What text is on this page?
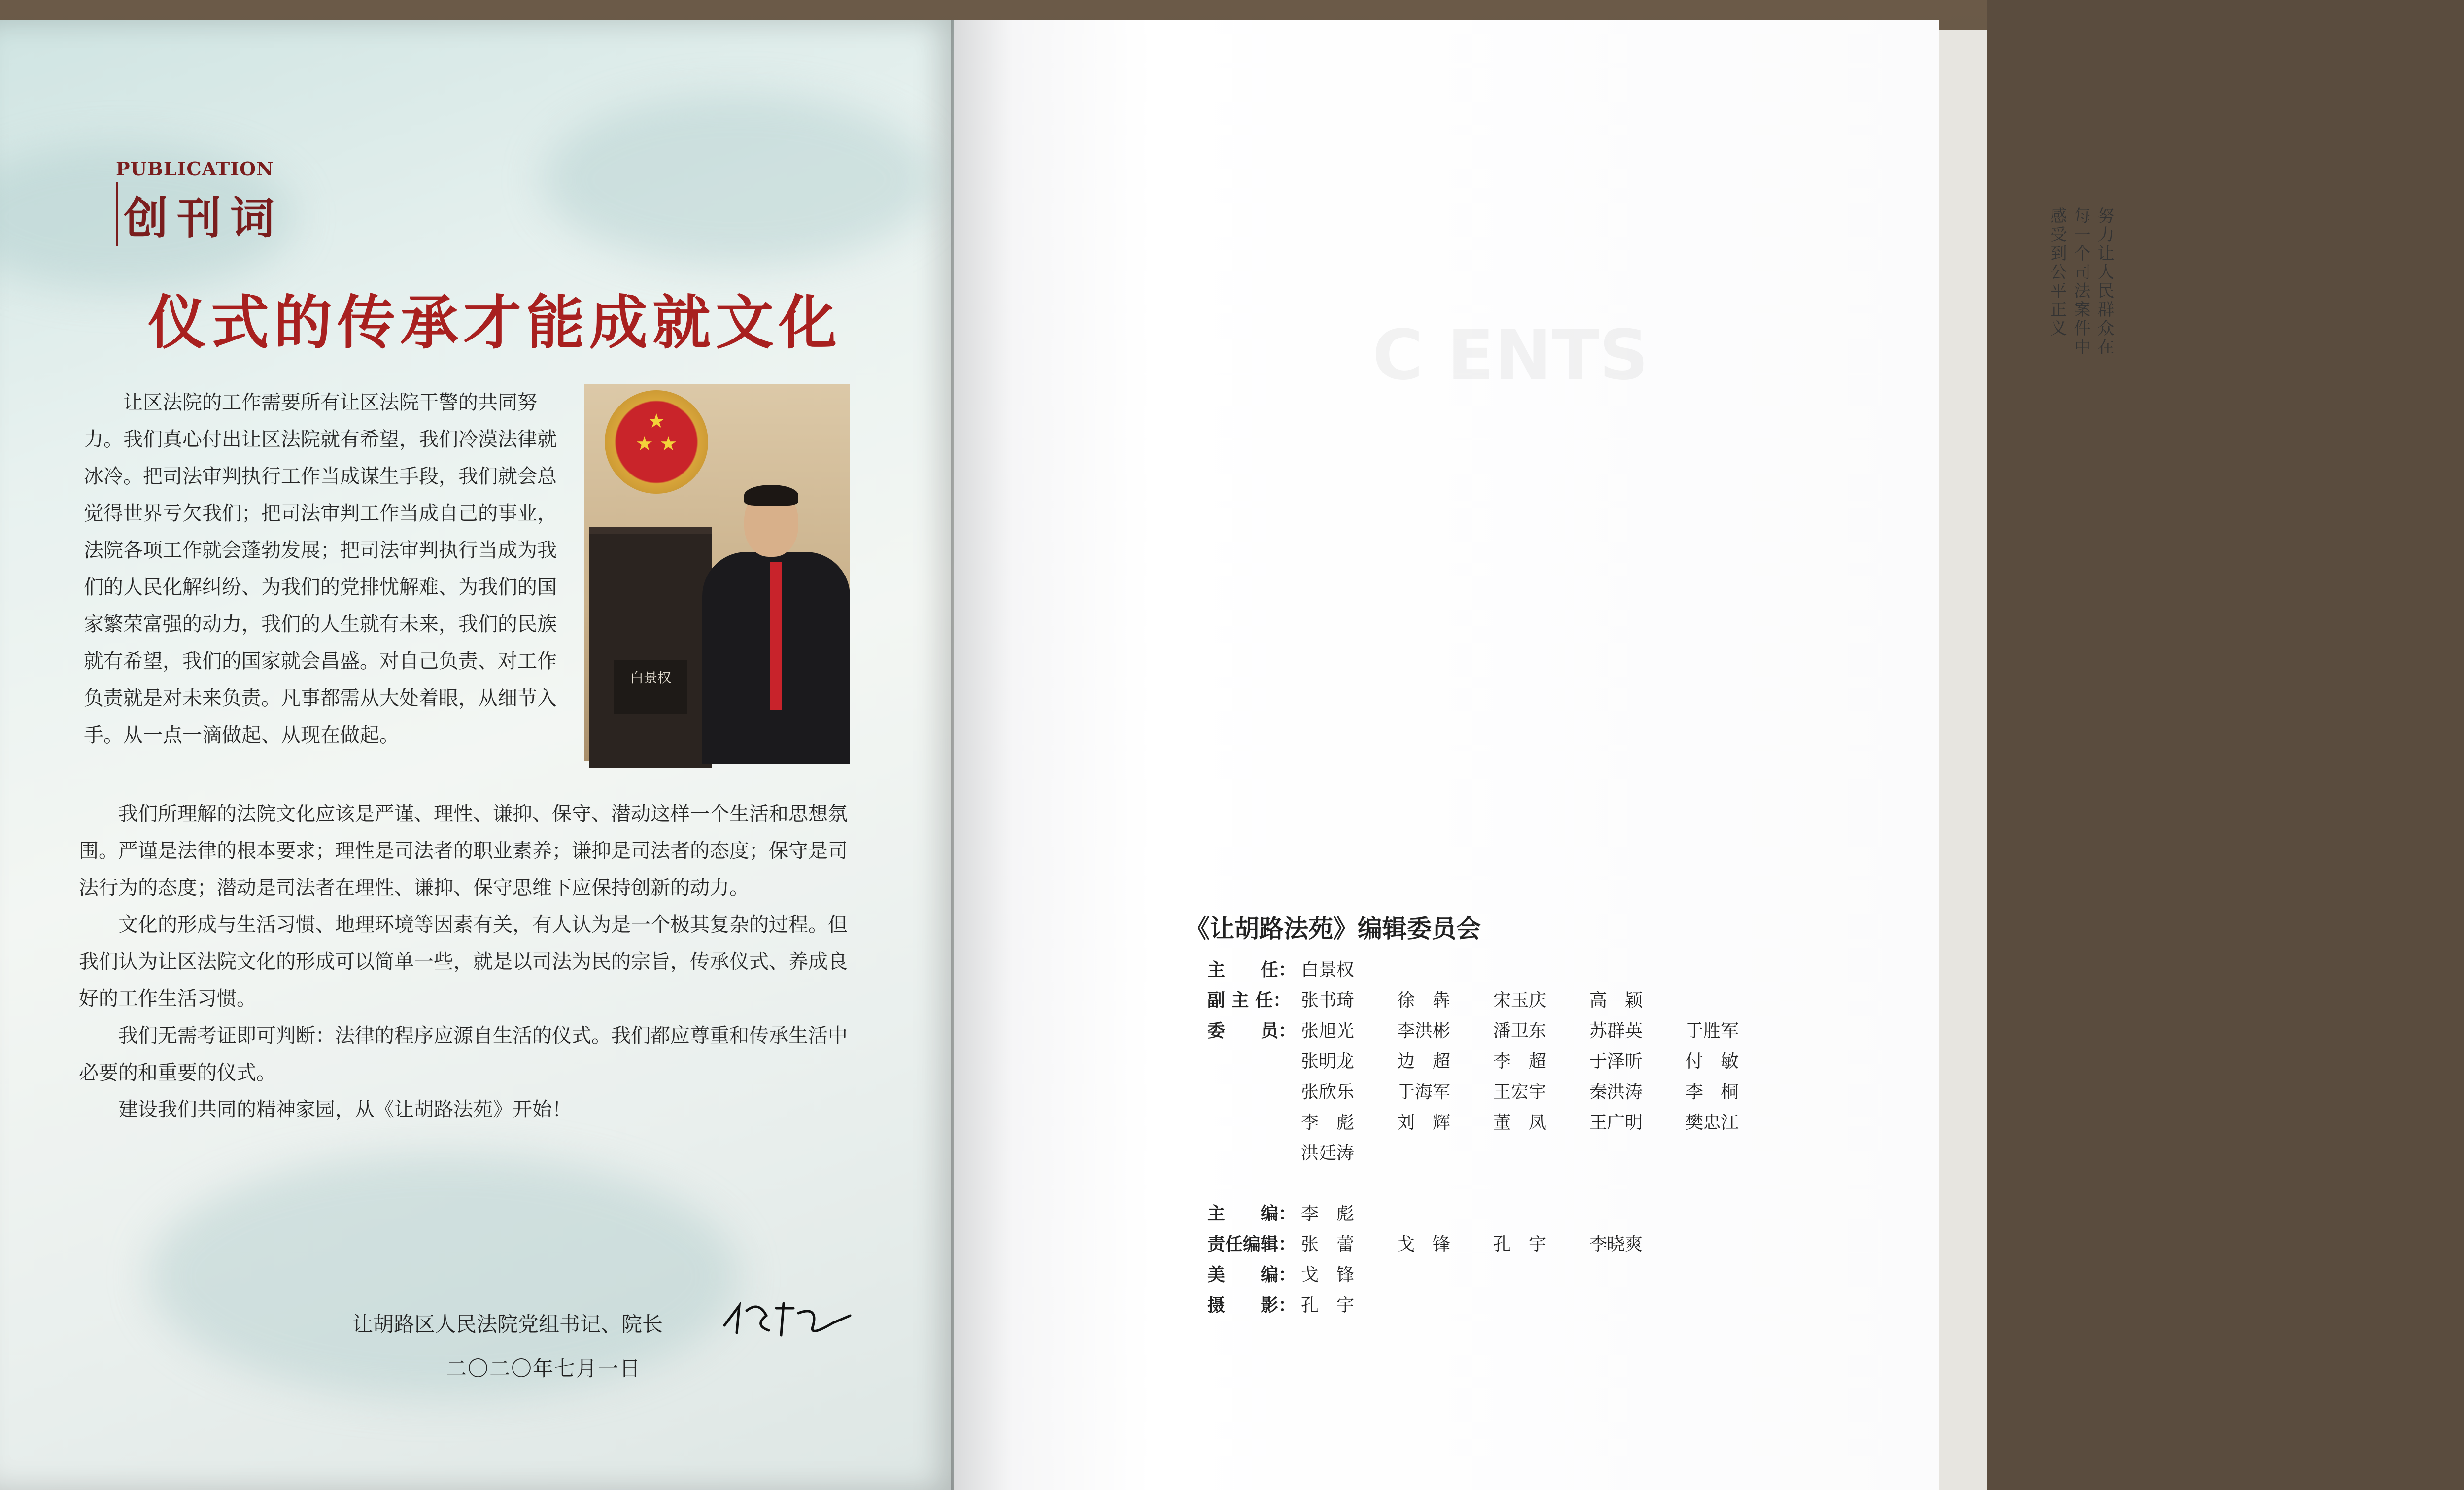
PUBLICATION
创刊词
仪式的传承才能成就文化
★
★ ★
白景权
让区法院的工作需要所有让区法院干警的共同努力。我们真心付出让区法院就有希望，我们冷漠法律就冰冷。把司法审判执行工作当成谋生手段，我们就会总觉得世界亏欠我们；把司法审判工作当成自己的事业，法院各项工作就会蓬勃发展；把司法审判执行当成为我们的人民化解纠纷、为我们的党排忧解难、为我们的国家繁荣富强的动力，我们的人生就有未来，我们的民族就有希望，我们的国家就会昌盛。对自己负责、对工作负责就是对未来负责。凡事都需从大处着眼，从细节入手。从一点一滴做起、从现在做起。
我们所理解的法院文化应该是严谨、理性、谦抑、保守、潜动这样一个生活和思想氛围。严谨是法律的根本要求；理性是司法者的职业素养；谦抑是司法者的态度；保守是司法行为的态度；潜动是司法者在理性、谦抑、保守思维下应保持创新的动力。
文化的形成与生活习惯、地理环境等因素有关，有人认为是一个极其复杂的过程。但我们认为让区法院文化的形成可以简单一些，就是以司法为民的宗旨，传承仪式、养成良好的工作生活习惯。
我们无需考证即可判断：法律的程序应源自生活的仪式。我们都应尊重和传承生活中必要的和重要的仪式。
建设我们共同的精神家园，从《让胡路法苑》开始！
让胡路区人民法院党组书记、院长
二〇二〇年七月一日
C ENTS	努力让人民群众在每一个司法案件中感受到公平正义
《让胡路法苑》编辑委员会
主　　任： 白景权
副 主 任： 张书琦 徐　犇 宋玉庆 高　颖
委　　员： 张旭光 李洪彬 潘卫东 苏群英 于胜军
张明龙 边　超 李　超 于泽昕 付　敏
张欣乐 于海军 王宏宇 秦洪涛 李　桐
李　彪 刘　辉 董　凤 王广明 樊忠江
洪廷涛
主　　编： 李　彪
责任编辑： 张　蕾 戈　锋 孔　宇 李晓爽
美　　编： 戈　锋
摄　　影： 孔　宇
